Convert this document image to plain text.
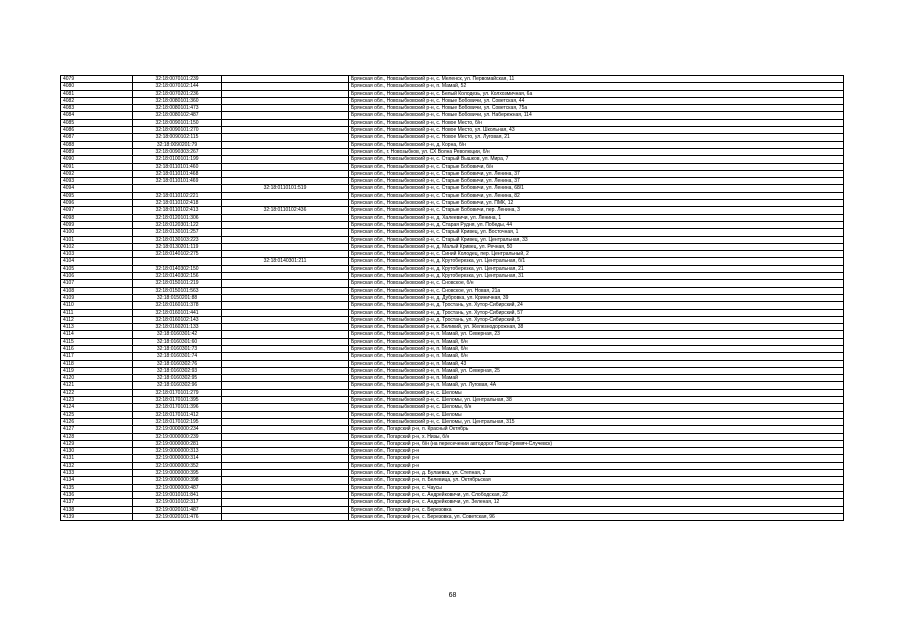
4079	32:18:0070101:239		Брянская обл., Новозыбковский р-н, с. Меленск, ул. Первомайская, 11
4080	32:18:0070102:144		Брянская обл., Новозыбковский р-н, п. Мамай, 52
4081	32:18:0070201:236		Брянская обл., Новозыбковский р-н, с. Белый Колодезь, ул. Колхозмичная, 6а
4082	32:18:0080101:360		Брянская обл., Новозыбковский р-н, с. Новые Бобовичи, ул. Советская, 44
4083	32:18:0080101:473		Брянская обл., Новозыбковский р-н, с. Новые Бобовичи, ул. Советская, 75а
4084	32:18:0080102:487		Брянская обл., Новозыбковский р-н, с. Новые Бобовичи, ул. Набережная, 114
4085	32:18:0090101:150		Брянская обл., Новозыбковский р-н, с. Новое Место, б/н
4086	32:18:0090101:270		Брянская обл., Новозыбковский р-н, с. Новое Место, ул. Школьная, 43
4087	32:18:0090102:115		Брянская обл., Новозыбковский р-н, с. Новое Место, ул. Луговая, 21
4088	32:18:0090201:79		Брянская обл., Новозыбковский р-н, д. Корна, б/н
4089	32:18:0090303:267		Брянская обл., г. Новозыбков, ул. СХ Волна Революции, б/н
4090	32:18:0100101:199		Брянская обл., Новозыбковский р-н, с. Старый Вышков, ул. Мира, 7
4091	32:18:0110101:460		Брянская обл., Новозыбковский р-н, с. Старые Бобовичи, б/н
4092	32:18:0110101:468		Брянская обл., Новозыбковский р-н, с. Старые Бобовичи, ул. Ленина, 37
4093	32:18:0110101:469		Брянская обл., Новозыбковский р-н, с. Старые Бобовичи, ул. Ленина, 37
4094		32:18:0110101:519	Брянская обл., Новозыбковский р-н, с. Старые Бобовичи, ул. Ленина, 68/1
4095	32:18:0110102:221		Брянская обл., Новозыбковский р-н, с. Старые Бобовичи, ул. Ленина, 82
4096	32:18:0110102:418		Брянская обл., Новозыбковский р-н, с. Старые Бобовичи, ул. ПМК, 12
4097	32:18:0110102:413	32:18:0110102:436	Брянская обл., Новозыбковский р-н, с. Старые Бобовичи, пер. Ленина, 3
4098	32:18:0120101:306		Брянская обл., Новозыбковский р-н, д. Халеевичи, ул. Ленина, 1
4099	32:18:0120301:122		Брянская обл., Новозыбковский р-н, д. Старая Рудня, ул. Победы, 44
4100	32:18:0130101:257		Брянская обл., Новозыбковский р-н, с. Старый Кривец, ул. Восточная, 1
4101	32:18:0130103:223		Брянская обл., Новозыбковский р-н, с. Старый Кривец, ул. Центральная, 33
4102	32:18:0130201:119		Брянская обл., Новозыбковский р-н, д. Малый Кривец, ул. Речная, 50
4103	32:18:0140102:275		Брянская обл., Новозыбковский р-н, с. Синий Колодец, пер. Центральный, 2
4104		32:18:0140301:211	Брянская обл., Новозыбковский р-н, д. Крутоберезка, ул. Центральная, б/1
4105	32:18:0140302:150		Брянская обл., Новозыбковский р-н, д. Крутоберезка, ул. Центральная, 21
4106	32:18:0140302:156		Брянская обл., Новозыбковский р-н, д. Крутоберезка, ул. Центральная, 31
4107	32:18:0150101:219		Брянская обл., Новозыбковский р-н, с. Сновское, б/н
4108	32:18:0150101:563		Брянская обл., Новозыбковский р-н, с. Сновское, ул. Новая, 21а
4109	32:18:0150201:88		Брянская обл., Новозыбковский р-н, д. Дубровка, ул. Криничная, 39
4110	32:18:0160101:378		Брянская обл., Новозыбковский р-н, д. Тростань, ул. Хутор-Сибирский, 24
4111	32:18:0160101:441		Брянская обл., Новозыбковский р-н, д. Тростань, ул. Хутор-Сибирский, 57
4112	32:18:0160102:143		Брянская обл., Новозыбковский р-н, д. Тростань, ул. Хутор-Сибирский, 5
4113	32:18:0160201:133		Брянская обл., Новозыбковский р-н, к. Великий, ул. Железнодорожная, 38
4114	32:18:0160301:42		Брянская обл., Новозыбковский р-н, п. Мамай, ул. Северная, 23
4115	32:18:0160301:60		Брянская обл., Новозыбковский р-н, п. Мамай, б/н
4116	32:18:0160301:73		Брянская обл., Новозыбковский р-н, п. Мамай, б/н
4117	32:18:0160301:74		Брянская обл., Новозыбковский р-н, п. Мамай, б/н
4118	32:18:0160302:76		Брянская обл., Новозыбковский р-н, п. Мамай, 43
4119	32:18:0160302:93		Брянская обл., Новозыбковский р-н, п. Мамай, ул. Северная, 25
4120	32:18:0160302:95		Брянская обл., Новозыбковский р-н, п. Мамай
4121	32:18:0160302:96		Брянская обл., Новозыбковский р-н, п. Мамай, ул. Луговая, 4А
4122	32:18:0170101:279		Брянская обл., Новозыбковский р-н, с. Шеломы
4123	32:18:0170101:395		Брянская обл., Новозыбковский р-н, с. Шеломы, ул. Центральная, 38
4124	32:18:0170101:396		Брянская обл., Новозыбковский р-н, с. Шеломы, б/н
4125	32:18:0170101:412		Брянская обл., Новозыбковский р-н, с. Шеломы
4126	32:18:0170102:195		Брянская обл., Новозыбковский р-н, с. Шеломы, ул. Центральная, 315
4127	32:19:0000000:234		Брянская обл., Погарский р-н, п. Красный Октябрь
4128	32:19:0000000:239		Брянская обл., Погарский р-н, х. Низы, б/н
4129	32:19:0000000:281		Брянская обл., Погарский р-н, б/н (на пересечении автодорог Погар-Гремяч-Случевск)
4130	32:19:0000000:313		Брянская обл., Погарский р-н
4131	32:19:0000000:314		Брянская обл., Погарский р-н
4132	32:19:0000000:352		Брянская обл., Погарский р-н
4133	32:19:0000000:395		Брянская обл., Погарский р-н, д. Булаевка, ул. Степная, 2
4134	32:19:0000000:398		Брянская обл., Погарский р-н, п. Белевица, ул. Октябрьская
4135	32:19:0000000:487		Брянская обл., Погарский р-н, с. Чаусы
4136	32:19:0010101:841		Брянская обл., Погарский р-н, с. Андрейковичи, ул. Слободская, 22
4137	32:19:0010102:317		Брянская обл., Погарский р-н, с. Андрейковичи, ул. Зеленая, 12
4138	32:19:0020101:487		Брянская обл., Погарский р-н, с. Березовка
4139	32:19:0020101:476		Брянская обл., Погарский р-н, с. Березовка, ул. Советская, 96
68
